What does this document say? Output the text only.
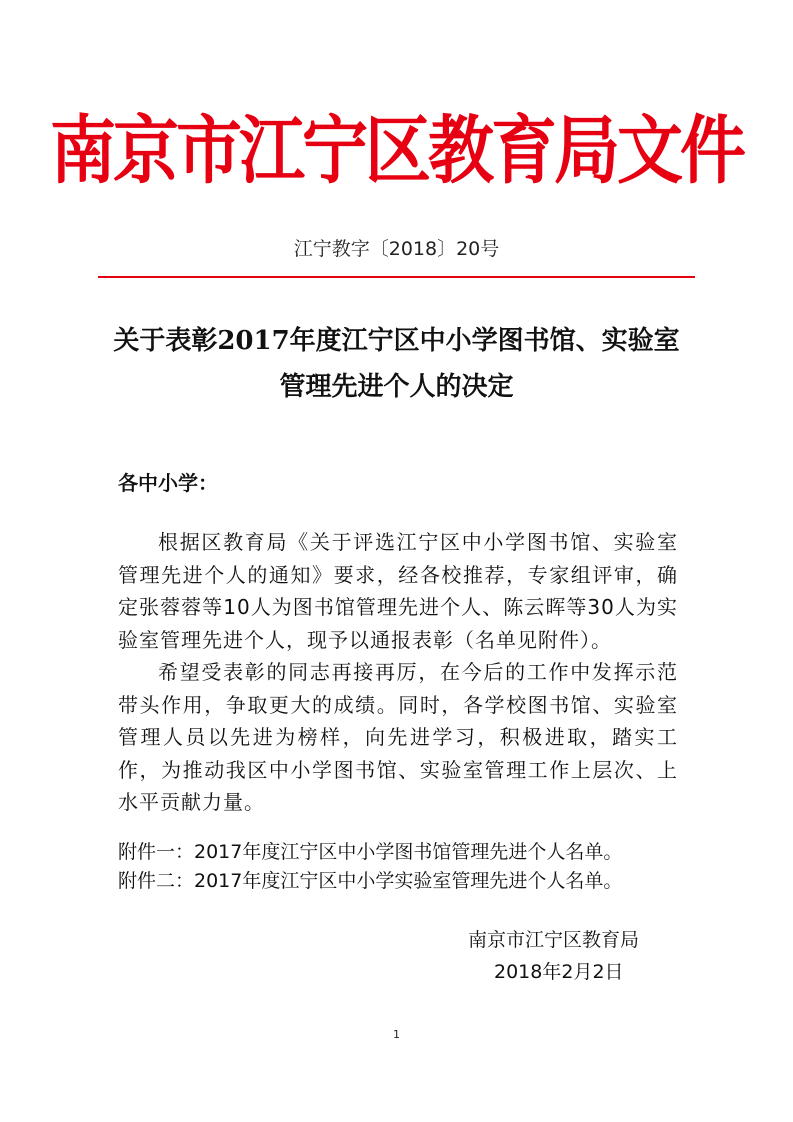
南京市江宁区教育局文件
江宁教字〔2018〕20号
关于表彰2017年度江宁区中小学图书馆、实验室
管理先进个人的决定
各中小学：

根据区教育局《关于评选江宁区中小学图书馆、实验室管理先进个人的通知》要求，经各校推荐，专家组评审，确定张蓉蓉等10人为图书馆管理先进个人、陈云晖等30人为实验室管理先进个人，现予以通报表彰（名单见附件）。

希望受表彰的同志再接再厉，在今后的工作中发挥示范带头作用，争取更大的成绩。同时，各学校图书馆、实验室管理人员以先进为榜样，向先进学习，积极进取，踏实工作，为推动我区中小学图书馆、实验室管理工作上层次、上水平贡献力量。

附件一：2017年度江宁区中小学图书馆管理先进个人名单。
附件二：2017年度江宁区中小学实验室管理先进个人名单。
南京市江宁区教育局
2018年2月2日
1
